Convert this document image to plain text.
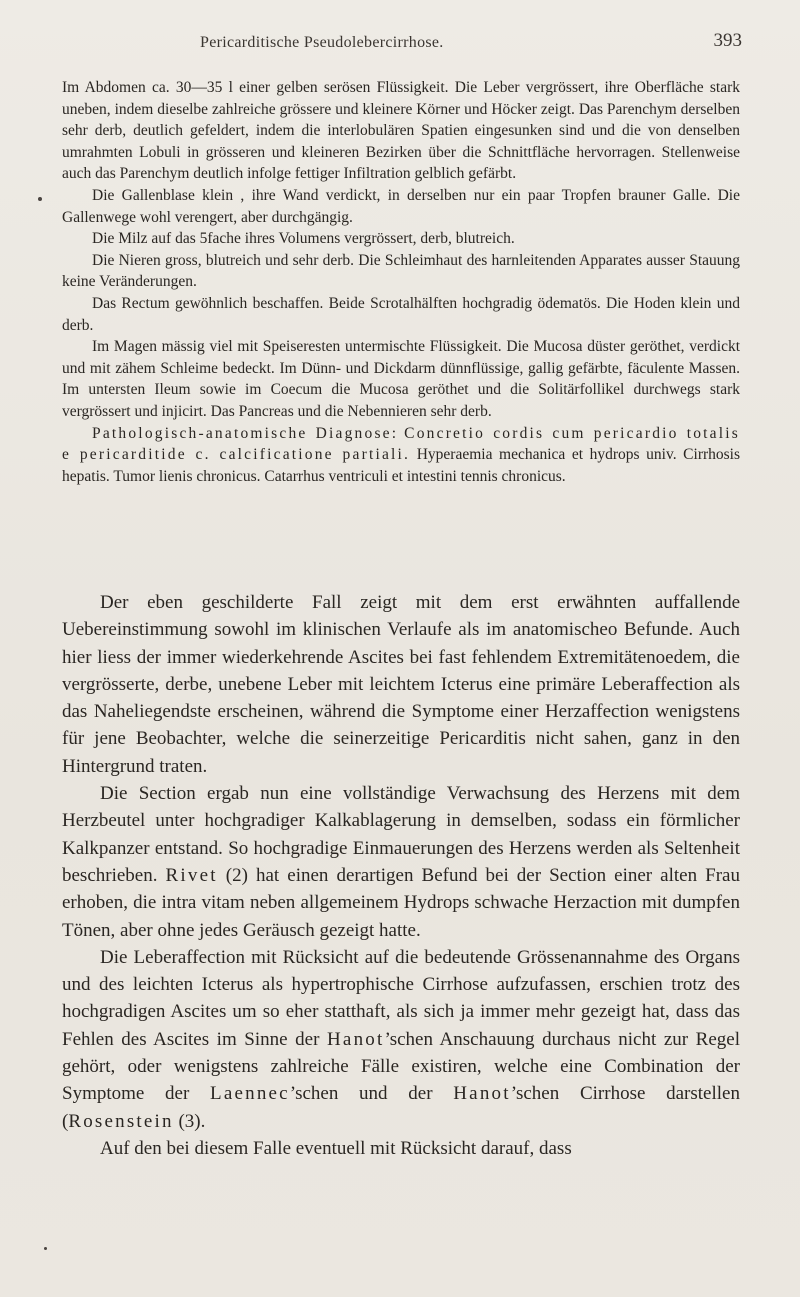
Pericarditische Pseudolebercirrhose.	393

Im Abdomen ca. 30—35 l einer gelben serösen Flüssigkeit. Die Leber vergrössert, ihre Oberfläche stark uneben, indem dieselbe zahlreiche grössere und kleinere Körner und Höcker zeigt. Das Parenchym derselben sehr derb, deutlich gefeldert, indem die interlobulären Spatien eingesunken sind und die von denselben umrahmten Lobuli in grösseren und kleineren Bezirken über die Schnittfläche hervorragen. Stellenweise auch das Parenchym deutlich infolge fettiger Infiltration gelblich gefärbt.

Die Gallenblase klein , ihre Wand verdickt, in derselben nur ein paar Tropfen brauner Galle. Die Gallenwege wohl verengert, aber durchgängig.

Die Milz auf das 5fache ihres Volumens vergrössert, derb, blutreich.

Die Nieren gross, blutreich und sehr derb. Die Schleimhaut des harnleitenden Apparates ausser Stauung keine Veränderungen.

Das Rectum gewöhnlich beschaffen. Beide Scrotalhälften hochgradig ödematös. Die Hoden klein und derb.

Im Magen mässig viel mit Speiseresten untermischte Flüssigkeit. Die Mucosa düster geröthet, verdickt und mit zähem Schleime bedeckt. Im Dünn- und Dickdarm dünnflüssige, gallig gefärbte, fäculente Massen. Im untersten Ileum sowie im Coecum die Mucosa geröthet und die Solitärfollikel durchwegs stark vergrössert und injicirt. Das Pancreas und die Nebennieren sehr derb.

Pathologisch-anatomische Diagnose: Concretio cordis cum pericardio totalis e pericarditide c. calcificatione partiali. Hyperaemia mechanica et hydrops univ. Cirrhosis hepatis. Tumor lienis chronicus. Catarrhus ventriculi et intestini tennis chronicus.

Der eben geschilderte Fall zeigt mit dem erst erwähnten auffallende Uebereinstimmung sowohl im klinischen Verlaufe als im anatomischeo Befunde. Auch hier liess der immer wiederkehrende Ascites bei fast fehlendem Extremitätenoedem, die vergrösserte, derbe, unebene Leber mit leichtem Icterus eine primäre Leberaffection als das Naheliegendste erscheinen, während die Symptome einer Herzaffection wenigstens für jene Beobachter, welche die seinerzeitige Pericarditis nicht sahen, ganz in den Hintergrund traten.

Die Section ergab nun eine vollständige Verwachsung des Herzens mit dem Herzbeutel unter hochgradiger Kalkablagerung in demselben, sodass ein förmlicher Kalkpanzer entstand. So hochgradige Einmauerungen des Herzens werden als Seltenheit beschrieben. Rivet (2) hat einen derartigen Befund bei der Section einer alten Frau erhoben, die intra vitam neben allgemeinem Hydrops schwache Herzaction mit dumpfen Tönen, aber ohne jedes Geräusch gezeigt hatte.

Die Leberaffection mit Rücksicht auf die bedeutende Grössenannahme des Organs und des leichten Icterus als hypertrophische Cirrhose aufzufassen, erschien trotz des hochgradigen Ascites um so eher statthaft, als sich ja immer mehr gezeigt hat, dass das Fehlen des Ascites im Sinne der Hanot’schen Anschauung durchaus nicht zur Regel gehört, oder wenigstens zahlreiche Fälle existiren, welche eine Combination der Symptome der Laennec’schen und der Hanot’schen Cirrhose darstellen (Rosenstein (3).

Auf den bei diesem Falle eventuell mit Rücksicht darauf, dass
